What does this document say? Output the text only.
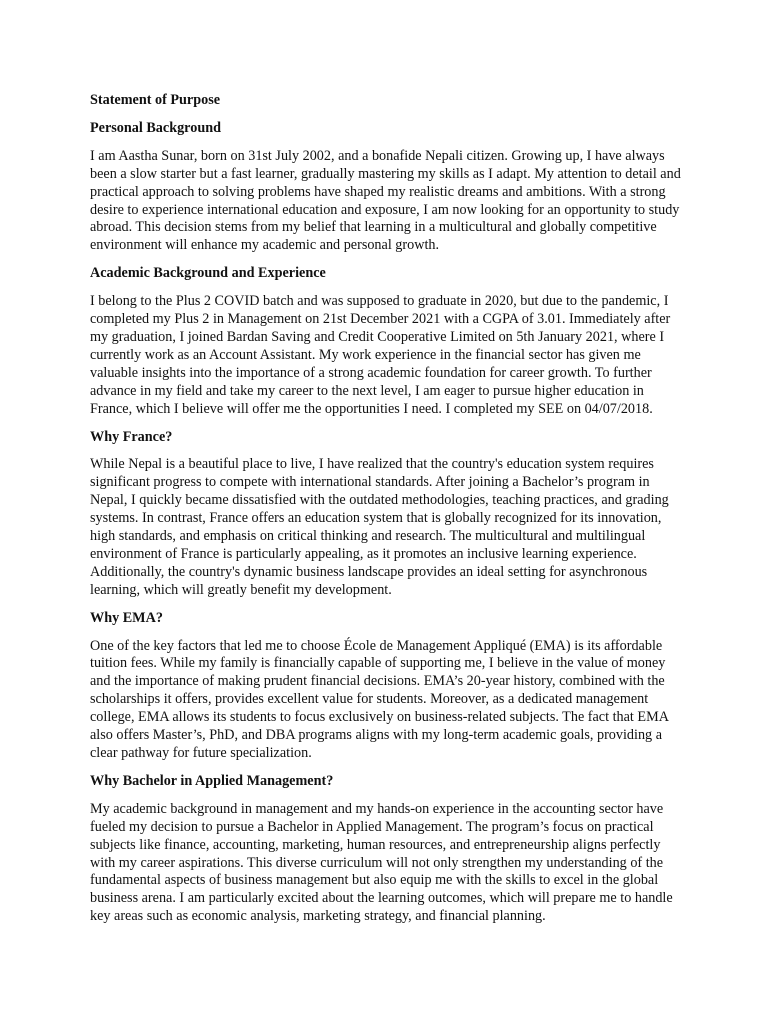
Statement of Purpose
Personal Background

I am Aastha Sunar, born on 31st July 2002, and a bonafide Nepali citizen. Growing up, I have always been a slow starter but a fast learner, gradually mastering my skills as I adapt. My attention to detail and practical approach to solving problems have shaped my realistic dreams and ambitions. With a strong desire to experience international education and exposure, I am now looking for an opportunity to study abroad. This decision stems from my belief that learning in a multicultural and globally competitive environment will enhance my academic and personal growth.

Academic Background and Experience

I belong to the Plus 2 COVID batch and was supposed to graduate in 2020, but due to the pandemic, I completed my Plus 2 in Management on 21st December 2021 with a CGPA of 3.01. Immediately after my graduation, I joined Bardan Saving and Credit Cooperative Limited on 5th January 2021, where I currently work as an Account Assistant. My work experience in the financial sector has given me valuable insights into the importance of a strong academic foundation for career growth. To further advance in my field and take my career to the next level, I am eager to pursue higher education in France, which I believe will offer me the opportunities I need. I completed my SEE on 04/07/2018.

Why France?

While Nepal is a beautiful place to live, I have realized that the country's education system requires significant progress to compete with international standards. After joining a Bachelor’s program in Nepal, I quickly became dissatisfied with the outdated methodologies, teaching practices, and grading systems. In contrast, France offers an education system that is globally recognized for its innovation, high standards, and emphasis on critical thinking and research. The multicultural and multilingual environment of France is particularly appealing, as it promotes an inclusive learning experience. Additionally, the country's dynamic business landscape provides an ideal setting for asynchronous learning, which will greatly benefit my development.

Why EMA?

One of the key factors that led me to choose École de Management Appliqué (EMA) is its affordable tuition fees. While my family is financially capable of supporting me, I believe in the value of money and the importance of making prudent financial decisions. EMA’s 20-year history, combined with the scholarships it offers, provides excellent value for students. Moreover, as a dedicated management college, EMA allows its students to focus exclusively on business-related subjects. The fact that EMA also offers Master’s, PhD, and DBA programs aligns with my long-term academic goals, providing a clear pathway for future specialization.

Why Bachelor in Applied Management?

My academic background in management and my hands-on experience in the accounting sector have fueled my decision to pursue a Bachelor in Applied Management. The program’s focus on practical subjects like finance, accounting, marketing, human resources, and entrepreneurship aligns perfectly with my career aspirations. This diverse curriculum will not only strengthen my understanding of the fundamental aspects of business management but also equip me with the skills to excel in the global business arena. I am particularly excited about the learning outcomes, which will prepare me to handle key areas such as economic analysis, marketing strategy, and financial planning.
